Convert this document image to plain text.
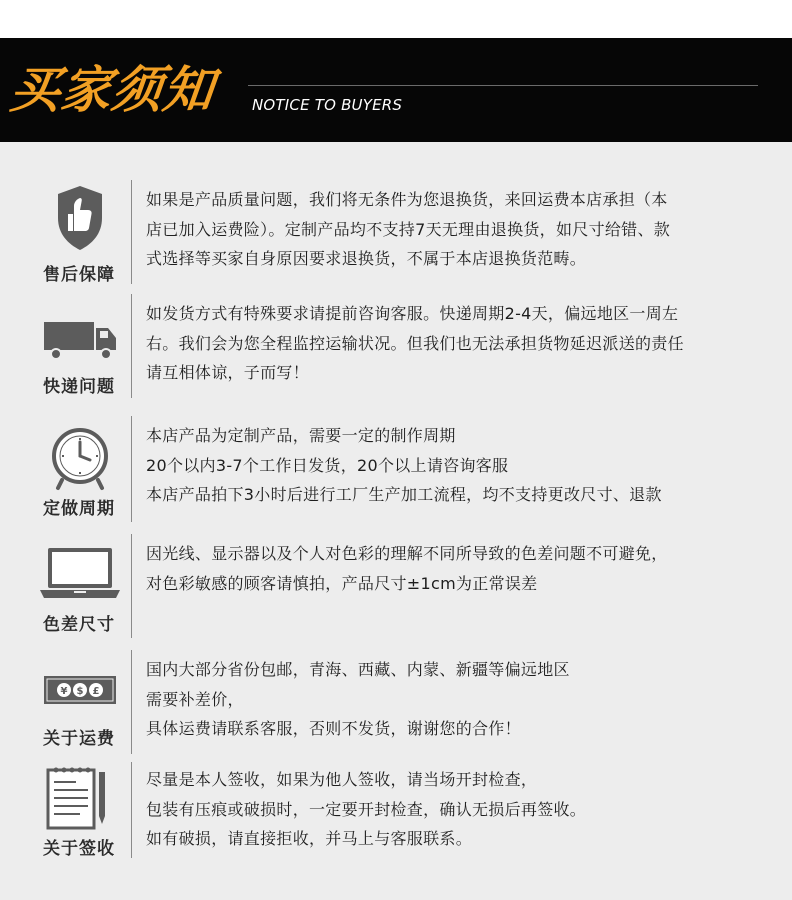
买家须知 NOTICE TO BUYERS
售后保障
如果是产品质量问题，我们将无条件为您退换货，来回运费本店承担（本
店已加入运费险）。定制产品均不支持7天无理由退换货，如尺寸给错、款
式选择等买家自身原因要求退换货，不属于本店退换货范畴。
快递问题
如发货方式有特殊要求请提前咨询客服。快递周期2-4天，偏远地区一周左
右。我们会为您全程监控运输状况。但我们也无法承担货物延迟派送的责任
请互相体谅，子而写！
定做周期
本店产品为定制产品，需要一定的制作周期
20个以内3-7个工作日发货，20个以上请咨询客服
本店产品拍下3小时后进行工厂生产加工流程，均不支持更改尺寸、退款
色差尺寸
因光线、显示器以及个人对色彩的理解不同所导致的色差问题不可避免，
对色彩敏感的顾客请慎拍，产品尺寸±1cm为正常误差
¥ $ £
关于运费
国内大部分省份包邮，青海、西藏、内蒙、新疆等偏远地区
需要补差价，
具体运费请联系客服，否则不发货，谢谢您的合作！
关于签收
尽量是本人签收，如果为他人签收，请当场开封检查，
包装有压痕或破损时，一定要开封检查，确认无损后再签收。
如有破损，请直接拒收，并马上与客服联系。
